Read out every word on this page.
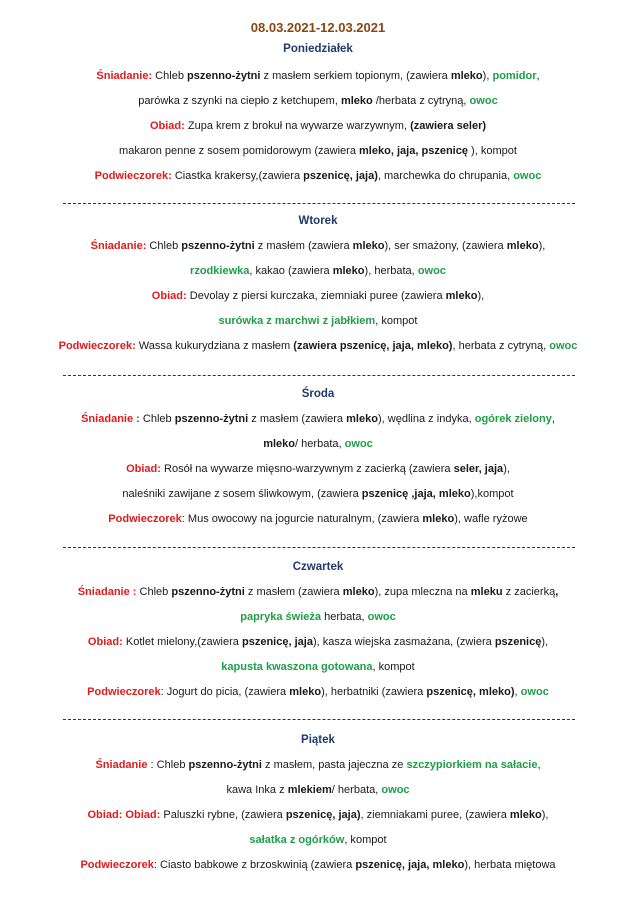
08.03.2021-12.03.2021
Poniedziałek
Śniadanie: Chleb pszenno-żytni z masłem serkiem topionym, (zawiera mleko), pomidor,
parówka z szynki na ciepło z ketchupem, mleko /herbata z cytryną, owoc
Obiad: Zupa krem z brokuł na wywarze warzywnym, (zawiera seler)
makaron penne z sosem pomidorowym (zawiera mleko, jaja, pszenicę ), kompot
Podwieczorek: Ciastka krakersy,(zawiera pszenicę, jaja), marchewka do chrupania, owoc
Wtorek
Śniadanie: Chleb pszenno-żytni z masłem (zawiera mleko), ser smażony, (zawiera mleko),
rzodkiewka, kakao (zawiera mleko), herbata, owoc
Obiad: Devolay z piersi kurczaka, ziemniaki puree (zawiera mleko),
surówka z marchwi z jabłkiem, kompot
Podwieczorek: Wassa kukurydziana z masłem (zawiera pszenicę, jaja, mleko), herbata z cytryną, owoc
Środa
Śniadanie : Chleb pszenno-żytni z masłem (zawiera mleko), wędlina z indyka, ogórek zielony,
mleko/ herbata, owoc
Obiad: Rosół na wywarze mięsno-warzywnym z zacierką (zawiera seler, jaja),
naleśniki zawijane z sosem śliwkowym, (zawiera pszenicę ,jaja, mleko),kompot
Podwieczorek: Mus owocowy na jogurcie naturalnym, (zawiera mleko), wafle ryżowe
Czwartek
Śniadanie : Chleb pszenno-żytni z masłem (zawiera mleko), zupa mleczna na mleku z zacierką,
papryka świeża herbata, owoc
Obiad: Kotlet mielony,(zawiera pszenicę, jaja), kasza wiejska zasmażana, (zwiera pszenicę),
kapusta kwaszona gotowana, kompot
Podwieczorek: Jogurt do picia, (zawiera mleko), herbatniki (zawiera pszenicę, mleko), owoc
Piątek
Śniadanie : Chleb pszenno-żytni z masłem, pasta jajeczna ze szczypiorkiem na sałacie,
kawa Inka z mlekiem/ herbata, owoc
Obiad: Obiad: Paluszki rybne, (zawiera pszenicę, jaja), ziemniakami puree, (zawiera mleko),
sałatka z ogórków, kompot
Podwieczorek: Ciasto babkowe z brzoskwinią (zawiera pszenicę, jaja, mleko), herbata miętowa
